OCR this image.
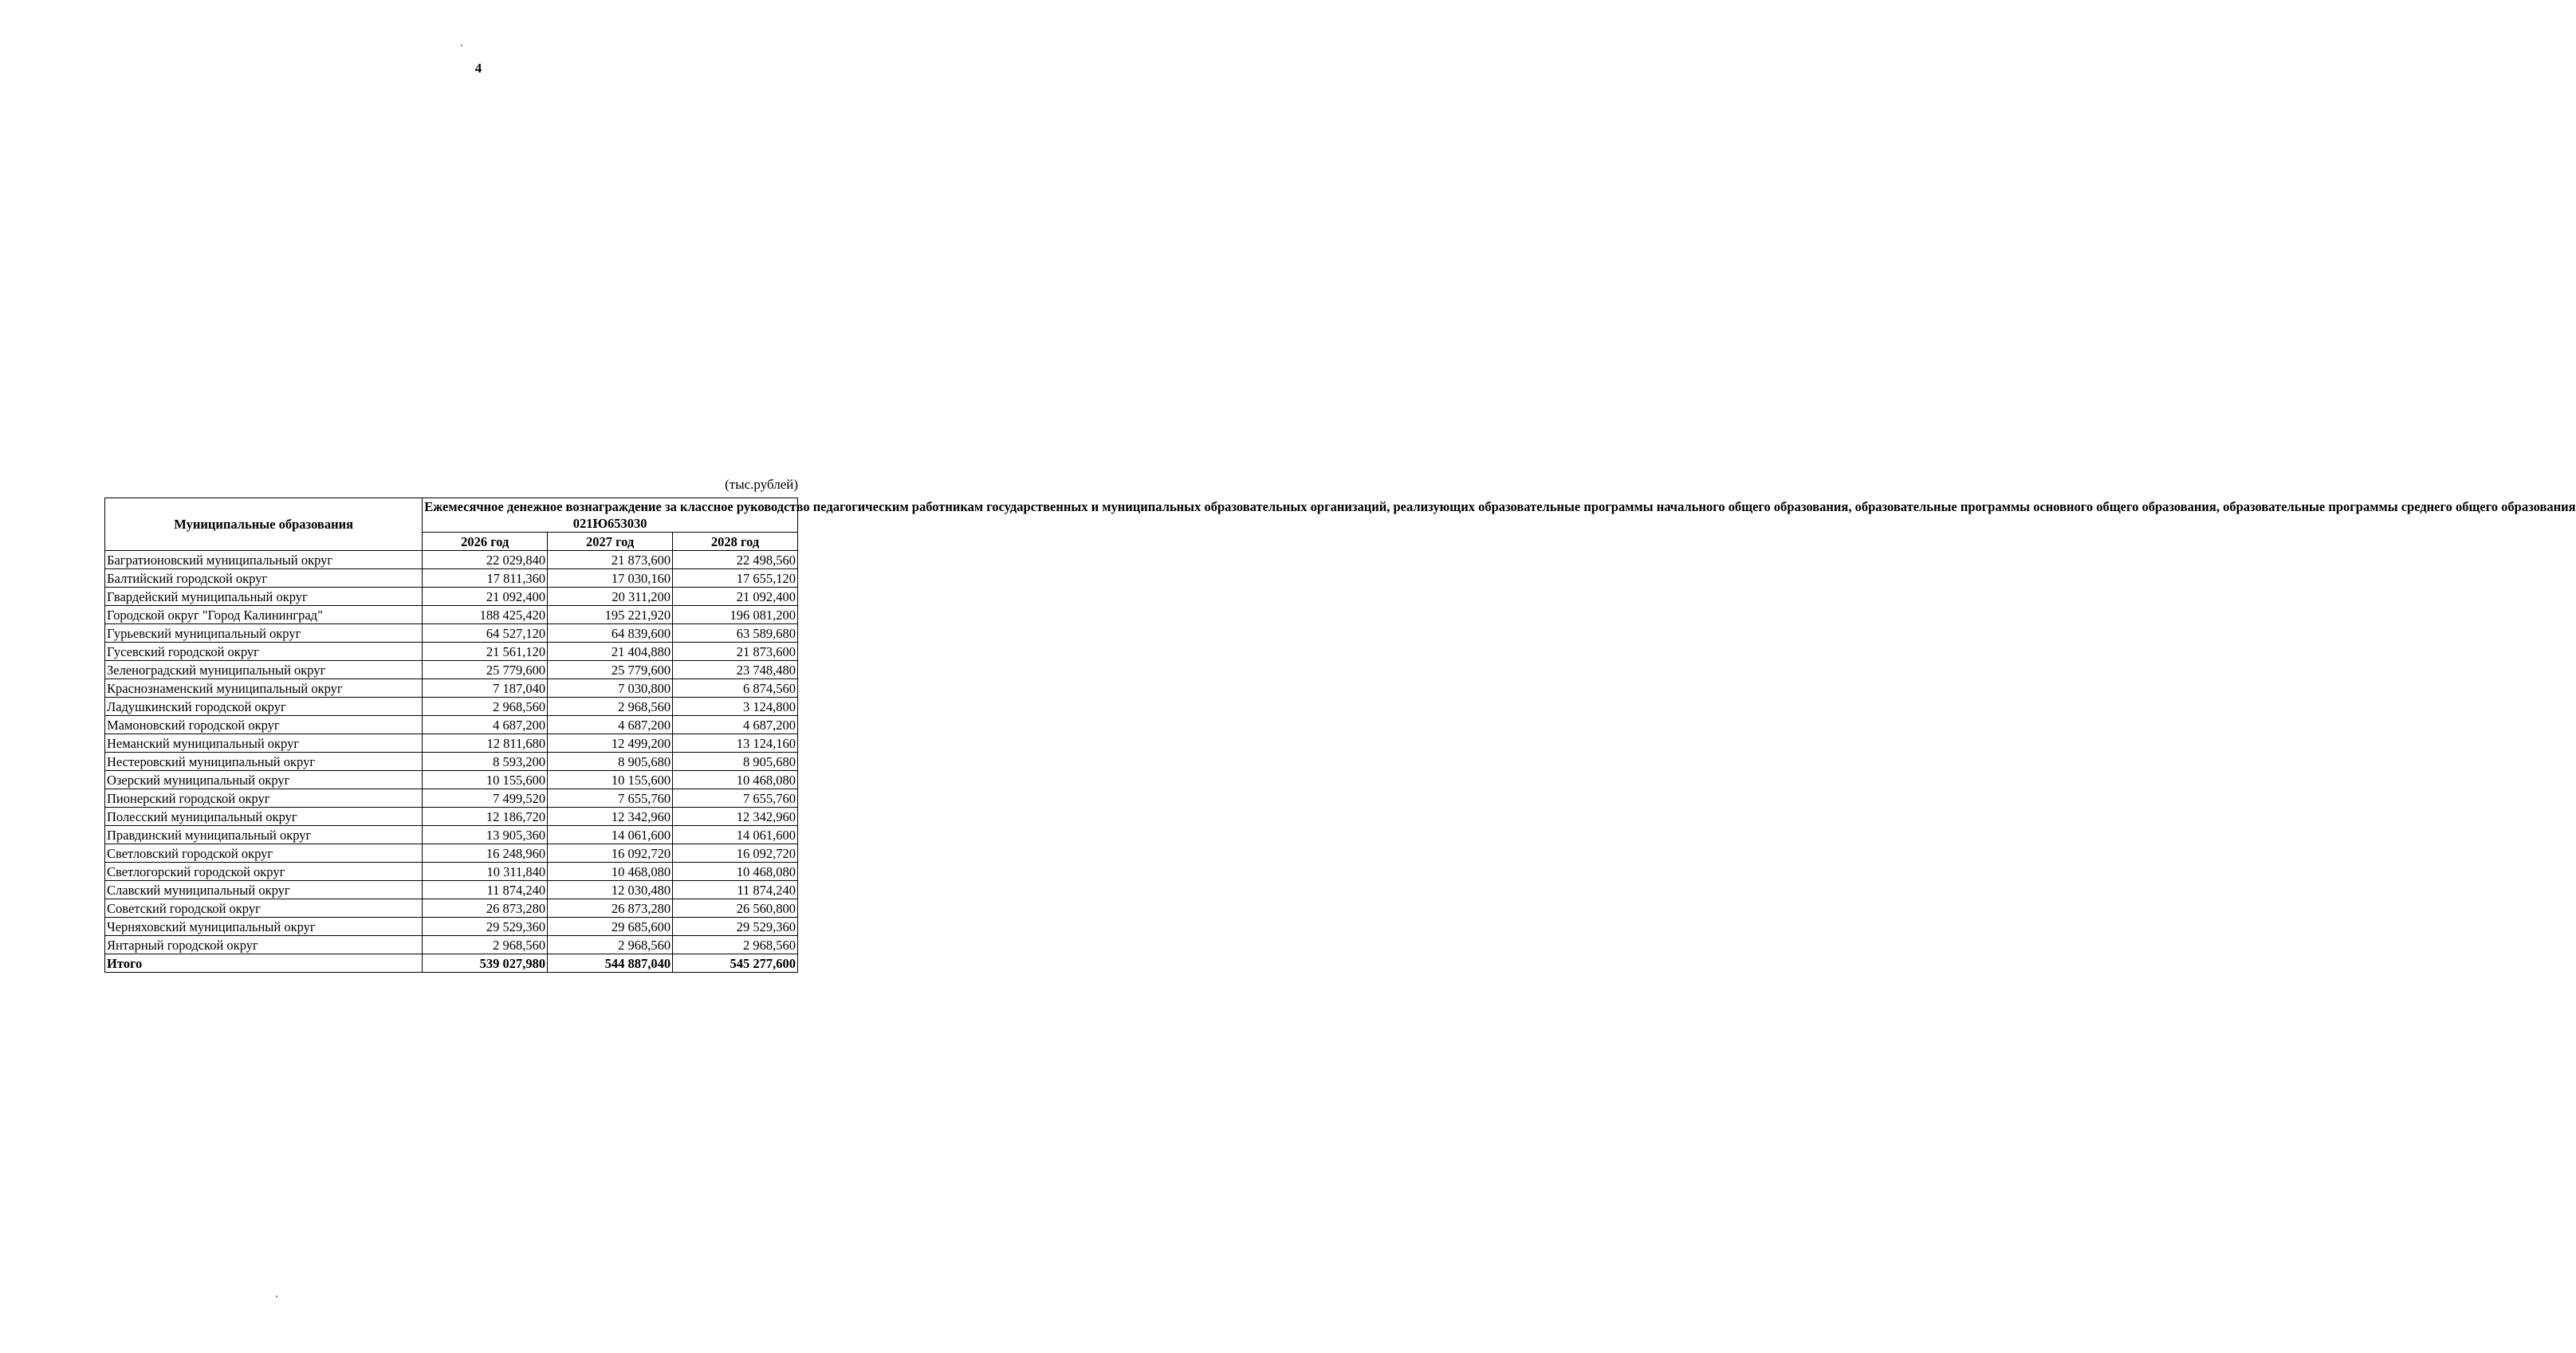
4
(тыс.рублей)
Муниципальные образования	Ежемесячное денежное вознаграждение за классное руководство педагогическим работникам государственных и муниципальных образовательных организаций, реализующих образовательные программы начального общего образования, образовательные программы основного общего образования, образовательные программы среднего общего образования
021Ю653030		
	2026 год	2027 год	2028 год
Багратионовский муниципальный округ	22 029,840	21 873,600	22 498,560
Балтийский городской округ	17 811,360	17 030,160	17 655,120
Гвардейский муниципальный округ	21 092,400	20 311,200	21 092,400
Городской округ "Город Калининград"	188 425,420	195 221,920	196 081,200
Гурьевский муниципальный округ	64 527,120	64 839,600	63 589,680
Гусевский городской округ	21 561,120	21 404,880	21 873,600
Зеленоградский муниципальный округ	25 779,600	25 779,600	23 748,480
Краснознаменский муниципальный округ	7 187,040	7 030,800	6 874,560
Ладушкинский городской округ	2 968,560	2 968,560	3 124,800
Мамоновский городской округ	4 687,200	4 687,200	4 687,200
Неманский муниципальный округ	12 811,680	12 499,200	13 124,160
Нестеровский муниципальный округ	8 593,200	8 905,680	8 905,680
Озерский муниципальный округ	10 155,600	10 155,600	10 468,080
Пионерский городской округ	7 499,520	7 655,760	7 655,760
Полесский муниципальный округ	12 186,720	12 342,960	12 342,960
Правдинский муниципальный округ	13 905,360	14 061,600	14 061,600
Светловский городской округ	16 248,960	16 092,720	16 092,720
Светлогорский городской округ	10 311,840	10 468,080	10 468,080
Славский муниципальный округ	11 874,240	12 030,480	11 874,240
Советский городской округ	26 873,280	26 873,280	26 560,800
Черняховский муниципальный округ	29 529,360	29 685,600	29 529,360
Янтарный городской округ	2 968,560	2 968,560	2 968,560
Итого	539 027,980	544 887,040	545 277,600
